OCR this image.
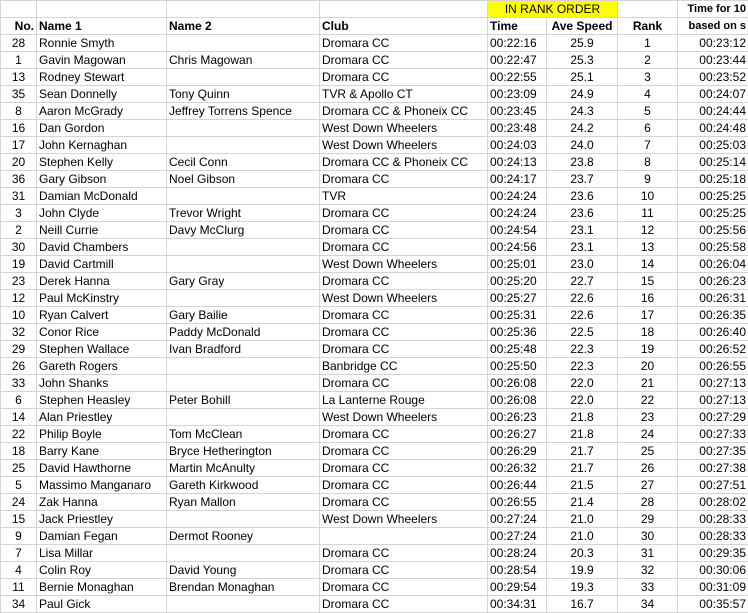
				IN RANK ORDER			Time for 10
No.	Name 1	Name 2	Club	Time	Ave Speed	Rank	based on s
28	Ronnie Smyth		Dromara CC	00:22:16	25.9	1	00:23:12
1	Gavin Magowan	Chris Magowan	Dromara CC	00:22:47	25.3	2	00:23:44
13	Rodney Stewart		Dromara CC	00:22:55	25.1	3	00:23:52
35	Sean Donnelly	Tony Quinn	TVR & Apollo CT	00:23:09	24.9	4	00:24:07
8	Aaron McGrady	Jeffrey Torrens Spence	Dromara CC & Phoneix CC	00:23:45	24.3	5	00:24:44
16	Dan Gordon		West Down Wheelers	00:23:48	24.2	6	00:24:48
17	John Kernaghan		West Down Wheelers	00:24:03	24.0	7	00:25:03
20	Stephen Kelly	Cecil Conn	Dromara CC & Phoneix CC	00:24:13	23.8	8	00:25:14
36	Gary Gibson	Noel Gibson	Dromara CC	00:24:17	23.7	9	00:25:18
31	Damian McDonald		TVR	00:24:24	23.6	10	00:25:25
3	John Clyde	Trevor Wright	Dromara CC	00:24:24	23.6	11	00:25:25
2	Neill Currie	Davy McClurg	Dromara CC	00:24:54	23.1	12	00:25:56
30	David Chambers		Dromara CC	00:24:56	23.1	13	00:25:58
19	David Cartmill		West Down Wheelers	00:25:01	23.0	14	00:26:04
23	Derek Hanna	Gary Gray	Dromara CC	00:25:20	22.7	15	00:26:23
12	Paul McKinstry		West Down Wheelers	00:25:27	22.6	16	00:26:31
10	Ryan Calvert	Gary Bailie	Dromara CC	00:25:31	22.6	17	00:26:35
32	Conor Rice	Paddy McDonald	Dromara CC	00:25:36	22.5	18	00:26:40
29	Stephen Wallace	Ivan Bradford	Dromara CC	00:25:48	22.3	19	00:26:52
26	Gareth Rogers		Banbridge CC	00:25:50	22.3	20	00:26:55
33	John Shanks		Dromara CC	00:26:08	22.0	21	00:27:13
6	Stephen Heasley	Peter Bohill	La Lanterne Rouge	00:26:08	22.0	22	00:27:13
14	Alan Priestley		West Down Wheelers	00:26:23	21.8	23	00:27:29
22	Philip Boyle	Tom McClean	Dromara CC	00:26:27	21.8	24	00:27:33
18	Barry Kane	Bryce Hetherington	Dromara CC	00:26:29	21.7	25	00:27:35
25	David Hawthorne	Martin McAnulty	Dromara CC	00:26:32	21.7	26	00:27:38
5	Massimo Manganaro	Gareth Kirkwood	Dromara CC	00:26:44	21.5	27	00:27:51
24	Zak Hanna	Ryan Mallon	Dromara CC	00:26:55	21.4	28	00:28:02
15	Jack Priestley		West Down Wheelers	00:27:24	21.0	29	00:28:33
9	Damian Fegan	Dermot Rooney		00:27:24	21.0	30	00:28:33
7	Lisa Millar		Dromara CC	00:28:24	20.3	31	00:29:35
4	Colin Roy	David Young	Dromara CC	00:28:54	19.9	32	00:30:06
11	Bernie Monaghan	Brendan Monaghan	Dromara CC	00:29:54	19.3	33	00:31:09
34	Paul Gick		Dromara CC	00:34:31	16.7	34	00:35:57
